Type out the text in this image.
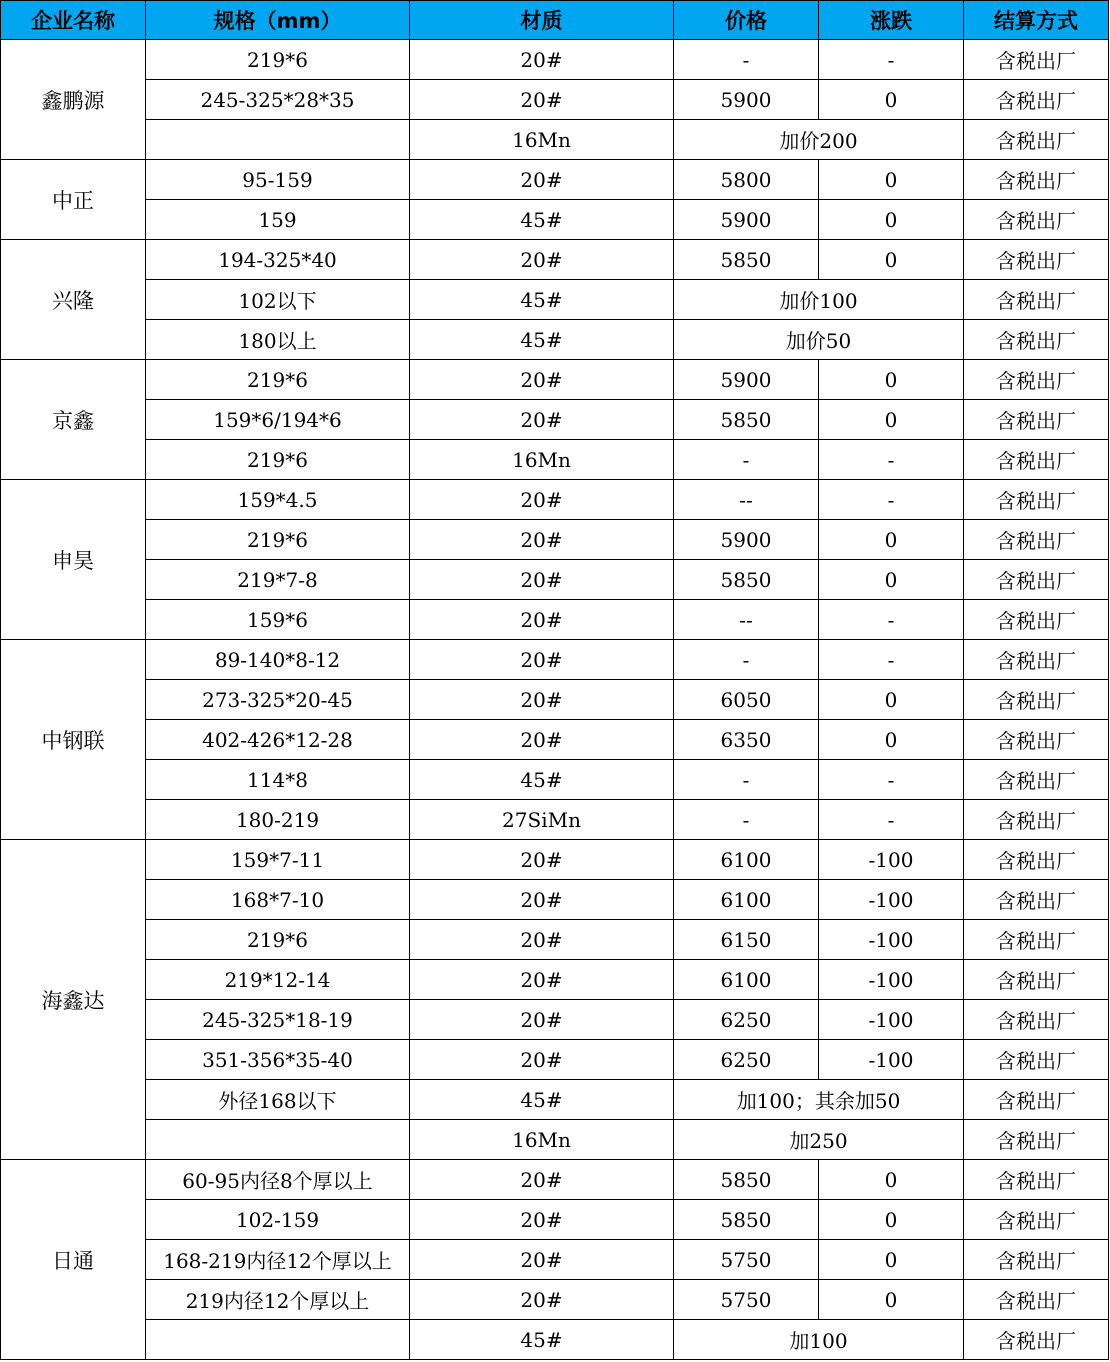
企业名称	规格（mm）	材质	价格	涨跌	结算方式
鑫鹏源	219*6	20#	-	-	含税出厂
	245-325*28*35	20#	5900	0	含税出厂
		16Mn	加价200		含税出厂
中正	95-159	20#	5800	0	含税出厂
	159	45#	5900	0	含税出厂
兴隆	194-325*40	20#	5850	0	含税出厂
	102以下	45#	加价100		含税出厂
	180以上	45#	加价50		含税出厂
京鑫	219*6	20#	5900	0	含税出厂
	159*6/194*6	20#	5850	0	含税出厂
	219*6	16Mn	-	-	含税出厂
申昊	159*4.5	20#	--	-	含税出厂
	219*6	20#	5900	0	含税出厂
	219*7-8	20#	5850	0	含税出厂
	159*6	20#	--	-	含税出厂
中钢联	89-140*8-12	20#	-	-	含税出厂
	273-325*20-45	20#	6050	0	含税出厂
	402-426*12-28	20#	6350	0	含税出厂
	114*8	45#	-	-	含税出厂
	180-219	27SiMn	-	-	含税出厂
海鑫达	159*7-11	20#	6100	-100	含税出厂
	168*7-10	20#	6100	-100	含税出厂
	219*6	20#	6150	-100	含税出厂
	219*12-14	20#	6100	-100	含税出厂
	245-325*18-19	20#	6250	-100	含税出厂
	351-356*35-40	20#	6250	-100	含税出厂
	外径168以下	45#	加100；其余加50		含税出厂
		16Mn	加250		含税出厂
日通	60-95内径8个厚以上	20#	5850	0	含税出厂
	102-159	20#	5850	0	含税出厂
	168-219内径12个厚以上	20#	5750	0	含税出厂
	219内径12个厚以上	20#	5750	0	含税出厂
		45#	加100		含税出厂
